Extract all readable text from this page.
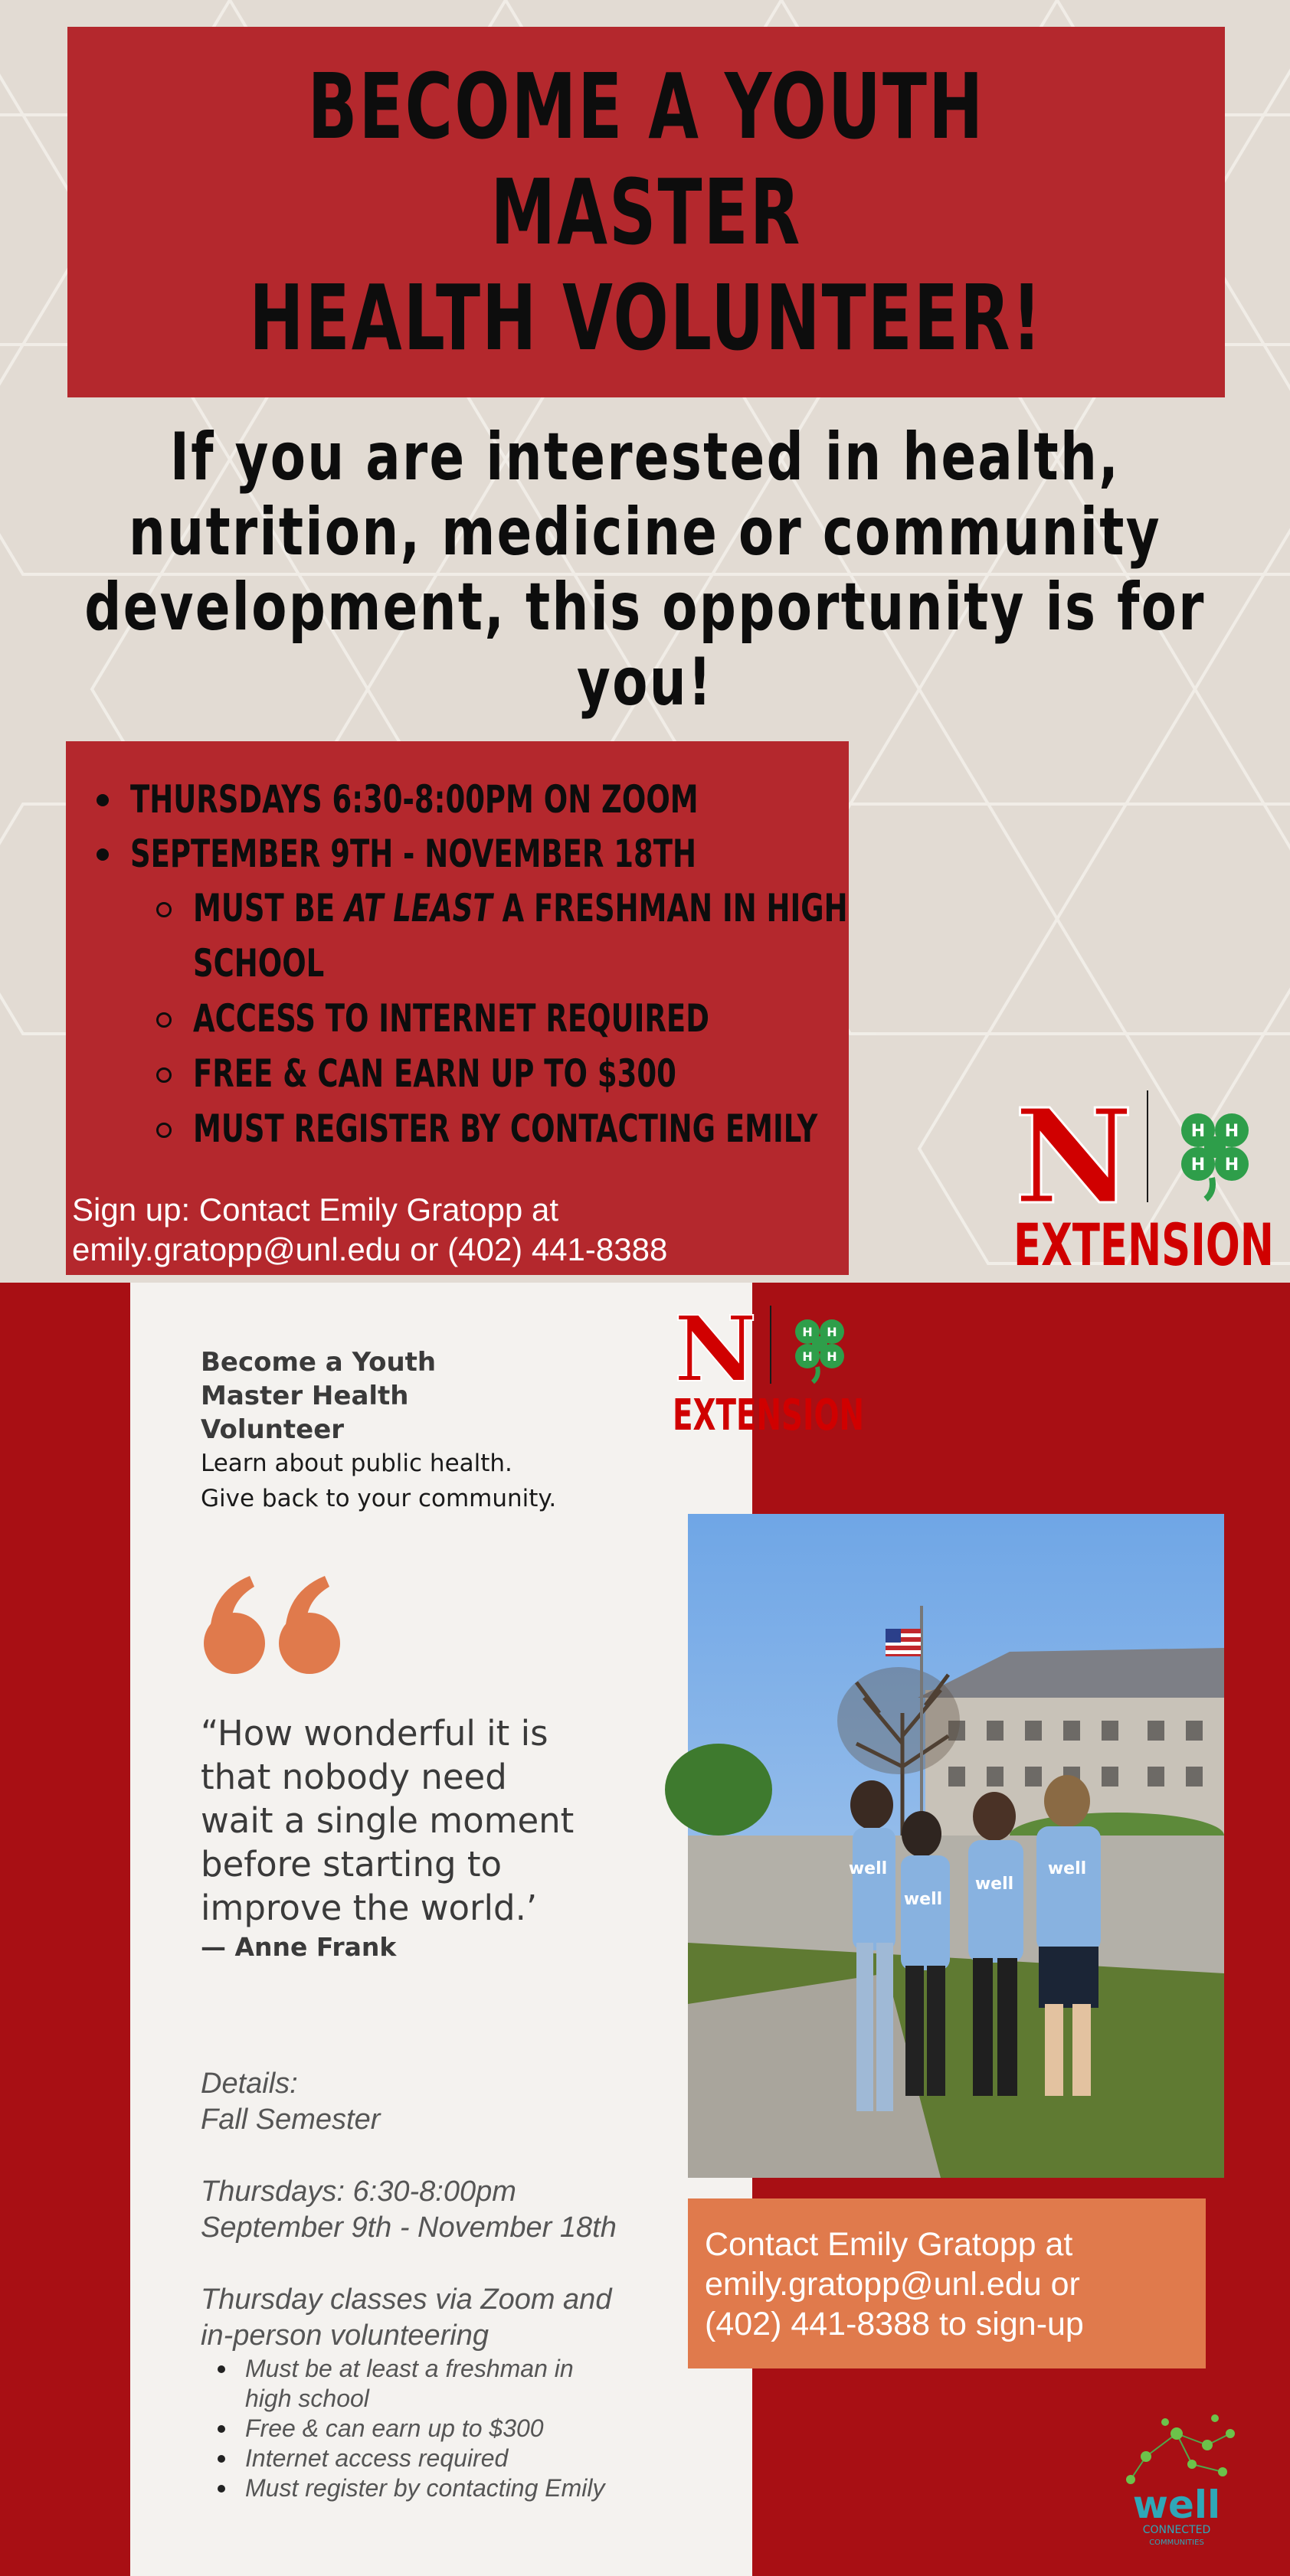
BECOME A YOUTH MASTER
HEALTH VOLUNTEER!
If you are interested in health,
nutrition, medicine or community
development, this opportunity is for
you!
THURSDAYS 6:30-8:00PM ON ZOOM
SEPTEMBER 9TH - NOVEMBER 18TH
MUST BE AT LEAST A FRESHMAN IN HIGH
SCHOOL
ACCESS TO INTERNET REQUIRED
FREE & CAN EARN UP TO $300
MUST REGISTER BY CONTACTING EMILY
Sign up: Contact Emily Gratopp at
emily.gratopp@unl.edu or (402) 441-8388
N	H H
H H
EXTENSION
N	H H
H H
EXTENSION
Become a Youth
Master Health
Volunteer
Learn about public health.
Give back to your community.
“How wonderful it is
that nobody need
wait a single moment
before starting to
improve the world.’
— Anne Frank

Details:

Fall Semester

Thursdays: 6:30-8:00pm

September 9th - November 18th

Thursday classes via Zoom and

in-person volunteering

Must be at least a freshman in high school
Free & can earn up to $300
Internet access required
Must register by contacting Emily
well
well
well
well
Contact Emily Gratopp at
emily.gratopp@unl.edu or
(402) 441-8388 to sign-up
well
CONNECTED
COMMUNITIES
